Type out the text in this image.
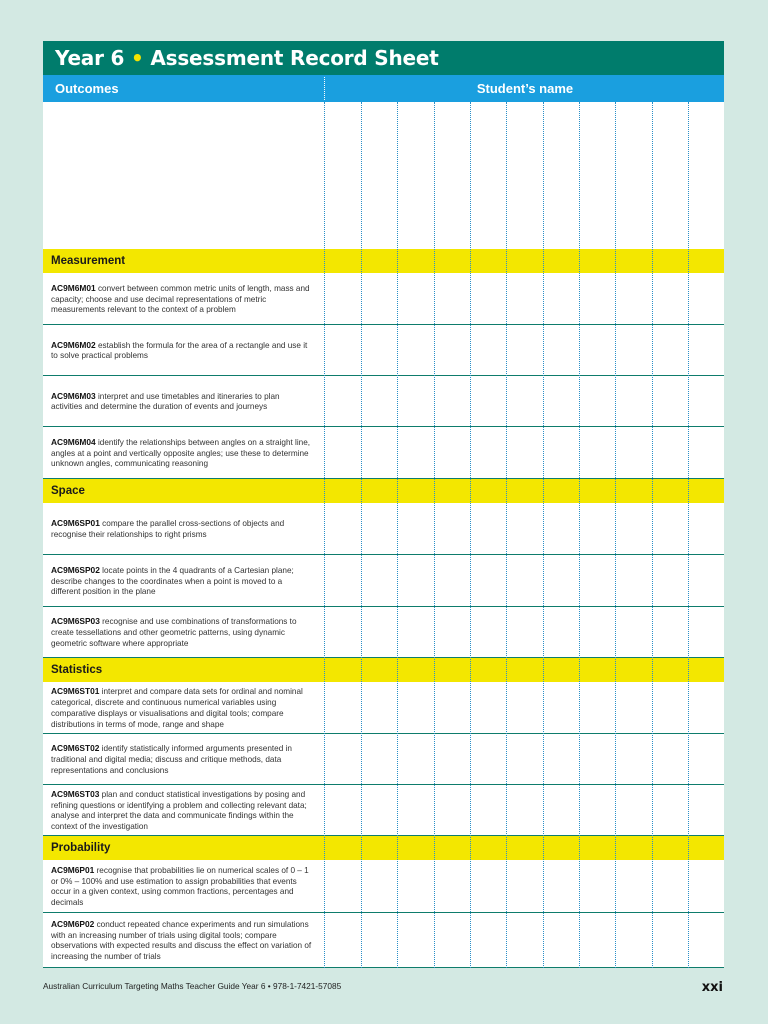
Year 6 • Assessment Record Sheet
Outcomes	Student’s name
Measurement
AC9M6M01 convert between common metric units of length, mass and capacity; choose and use decimal representations of metric measurements relevant to the context of a problem
AC9M6M02 establish the formula for the area of a rectangle and use it to solve practical problems
AC9M6M03 interpret and use timetables and itineraries to plan activities and determine the duration of events and journeys
AC9M6M04 identify the relationships between angles on a straight line, angles at a point and vertically opposite angles; use these to determine unknown angles, communicating reasoning
Space
AC9M6SP01 compare the parallel cross-sections of objects and recognise their relationships to right prisms
AC9M6SP02 locate points in the 4 quadrants of a Cartesian plane; describe changes to the coordinates when a point is moved to a different position in the plane
AC9M6SP03 recognise and use combinations of transformations to create tessellations and other geometric patterns, using dynamic geometric software where appropriate
Statistics
AC9M6ST01 interpret and compare data sets for ordinal and nominal categorical, discrete and continuous numerical variables using comparative displays or visualisations and digital tools; compare distributions in terms of mode, range and shape
AC9M6ST02 identify statistically informed arguments presented in traditional and digital media; discuss and critique methods, data representations and conclusions
AC9M6ST03 plan and conduct statistical investigations by posing and refining questions or identifying a problem and collecting relevant data; analyse and interpret the data and communicate findings within the context of the investigation
Probability
AC9M6P01 recognise that probabilities lie on numerical scales of 0 – 1 or 0% – 100% and use estimation to assign probabilities that events occur in a given context, using common fractions, percentages and decimals
AC9M6P02 conduct repeated chance experiments and run simulations with an increasing number of trials using digital tools; compare observations with expected results and discuss the effect on variation of increasing the number of trials
Australian Curriculum Targeting Maths Teacher Guide Year 6 • 978-1-7421-57085	xxi
